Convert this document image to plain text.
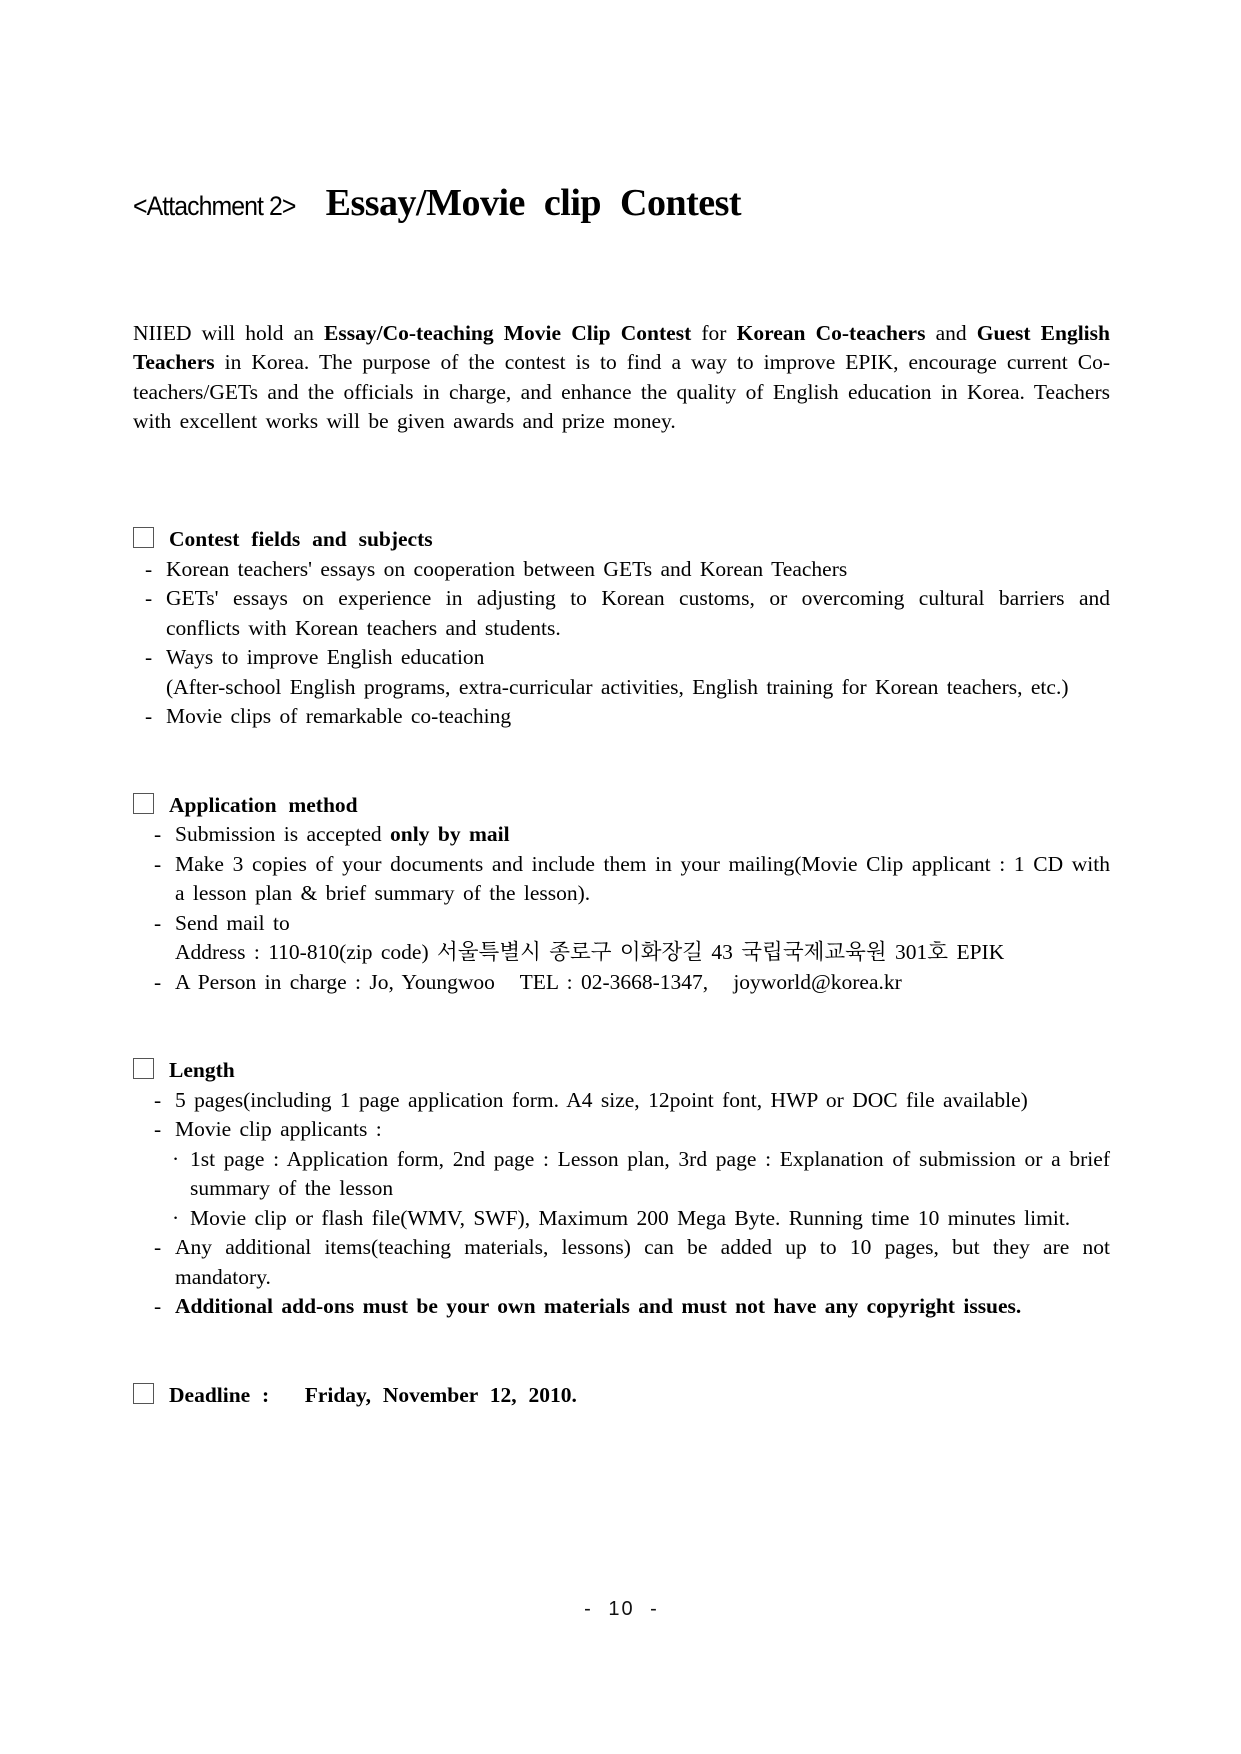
<Attachment 2> Essay/Movie clip Contest
NIIED will hold an Essay/Co-teaching Movie Clip Contest for Korean Co-teachers and Guest English Teachers in Korea. The purpose of the contest is to find a way to improve EPIK, encourage current Co-teachers/GETs and the officials in charge, and enhance the quality of English education in Korea. Teachers with excellent works will be given awards and prize money.
Contest fields and subjects
- Korean teachers' essays on cooperation between GETs and Korean Teachers
- GETs' essays on experience in adjusting to Korean customs, or overcoming cultural barriers and conflicts with Korean teachers and students.
- Ways to improve English education
(After-school English programs, extra-curricular activities, English training for Korean teachers, etc.)
- Movie clips of remarkable co-teaching
Application method
- Submission is accepted only by mail
- Make 3 copies of your documents and include them in your mailing(Movie Clip applicant : 1 CD with a lesson plan & brief summary of the lesson).
- Send mail to
Address : 110-810(zip code) 서울특별시 종로구 이화장길 43 국립국제교육원 301호 EPIK
- A Person in charge : Jo, Youngwoo   TEL : 02-3668-1347,   joyworld@korea.kr
Length
- 5 pages(including 1 page application form. A4 size, 12point font, HWP or DOC file available)
- Movie clip applicants :
· 1st page : Application form, 2nd page : Lesson plan, 3rd page : Explanation of submission or a brief summary of the lesson
· Movie clip or flash file(WMV, SWF), Maximum 200 Mega Byte. Running time 10 minutes limit.
- Any additional items(teaching materials, lessons) can be added up to 10 pages, but they are not mandatory.
- Additional add-ons must be your own materials and must not have any copyright issues.
Deadline :   Friday, November 12, 2010.
- 10 -
